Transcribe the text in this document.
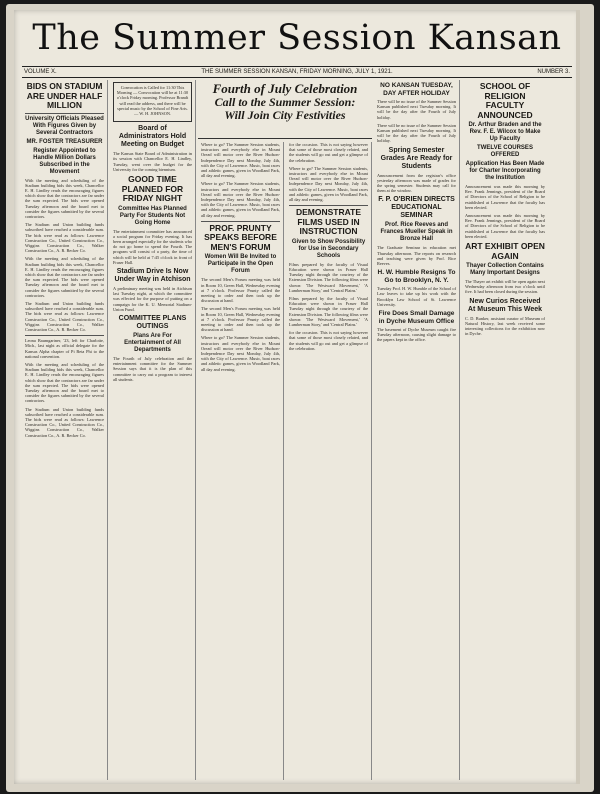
The Summer Session Kansan
VOLUME X.	THE SUMMER SESSION KANSAN, FRIDAY MORNING, JULY 1, 1921.	NUMBER 3.
BIDS ON STADIUM ARE UNDER HALF MILLION
University Officials Pleased With Figures Given by Several Contractors
MR. FOSTER TREASURER
Register Appointed to Handle Million Dollars Subscribed in the Movement

With the meeting and scheduling of the Stadium building bids this week, Chancellor E. H. Lindley reads the encouraging figures which show that the contractors are far under the sum expected. The bids were opened Tuesday afternoon and the board met to consider the figures submitted by the several contractors.

The Stadium and Union building funds subscribed have reached a considerable sum. The bids were read as follows: Lawrence Construction Co., United Construction Co., Wiggins Construction Co., Walker Construction Co., A. R. Becker Co.

With the meeting and scheduling of the Stadium building bids this week, Chancellor E. H. Lindley reads the encouraging figures which show that the contractors are far under the sum expected. The bids were opened Tuesday afternoon and the board met to consider the figures submitted by the several contractors.

The Stadium and Union building funds subscribed have reached a considerable sum. The bids were read as follows: Lawrence Construction Co., United Construction Co., Wiggins Construction Co., Walker Construction Co., A. R. Becker Co.

Leona Baumgartner, '23, left for Charlotte, Mich., last night as official delegate for the Kansas Alpha chapter of Pi Beta Phi to the national convention.

With the meeting and scheduling of the Stadium building bids this week, Chancellor E. H. Lindley reads the encouraging figures which show that the contractors are far under the sum expected. The bids were opened Tuesday afternoon and the board met to consider the figures submitted by the several contractors.

The Stadium and Union building funds subscribed have reached a considerable sum. The bids were read as follows: Lawrence Construction Co., United Construction Co., Wiggins Construction Co., Walker Construction Co., A. R. Becker Co.

Convocation is Called for 11:30 This Morning — Convocation will be at 11:30 o'clock Friday morning. Professor Brandt will read the address, and there will be special music by the School of Fine Arts. — W. H. JOHNSON.

Board of Administrators Hold Meeting on Budget

The Kansas State Board of Administration in its session with Chancellor E. H. Lindley, Tuesday, went over the budget for the University for the coming biennium.

GOOD TIME PLANNED FOR FRIDAY NIGHT
Committee Has Planned Party For Students Not Going Home

The entertainment committee has announced a social program for Friday evening. It has been arranged especially for the students who do not go home to spend the Fourth. The program will consist of a party, the time of which will be held at 7:45 o'clock in front of Fraser Hall.

Stadium Drive Is Now Under Way in Atchison

A preliminary meeting was held in Atchison last Tuesday night, at which the committee was effected for the purpose of putting on a campaign for the K. U. Memorial Stadium-Union Fund.

COMMITTEE PLANS OUTINGS
Plans Are For Entertainment of All Departments

The Fourth of July celebration and the entertainment committee for the Summer Session says that it is the plan of this committee to carry out a program to interest all students.

Fourth of July Celebration
Call to the Summer Session:
Will Join City Festivities

Where to go? The Summer Session students, instructors and everybody else in Mount Oread will motor over the River Hudson-Independence Day next Monday, July 4th, with the City of Lawrence. Music, boat races and athletic games, given in Woodland Park, all day and evening.

Where to go? The Summer Session students, instructors and everybody else in Mount Oread will motor over the River Hudson-Independence Day next Monday, July 4th, with the City of Lawrence. Music, boat races and athletic games, given in Woodland Park, all day and evening.

PROF. PRUNTY SPEAKS BEFORE MEN'S FORUM
Women Will Be Invited to Participate in the Open Forum

The second Men's Forum meeting was held in Room 10, Green Hall, Wednesday evening at 7 o'clock. Professor Prunty called the meeting to order and then took up the discussion at hand.

The second Men's Forum meeting was held in Room 10, Green Hall, Wednesday evening at 7 o'clock. Professor Prunty called the meeting to order and then took up the discussion at hand.

Where to go? The Summer Session students, instructors and everybody else in Mount Oread will motor over the River Hudson-Independence Day next Monday, July 4th, with the City of Lawrence. Music, boat races and athletic games, given in Woodland Park, all day and evening.

for the occasion. This is not saying however that some of those most closely related, and the students will go out and get a glimpse of the celebration.

Where to go? The Summer Session students, instructors and everybody else in Mount Oread will motor over the River Hudson-Independence Day next Monday, July 4th, with the City of Lawrence. Music, boat races and athletic games, given in Woodland Park, all day and evening.

DEMONSTRATE FILMS USED IN INSTRUCTION
Given to Show Possibility for Use in Secondary Schools

Films prepared by the faculty of Visual Education were shown in Fraser Hall Tuesday night through the courtesy of the Extension Division. The following films were shown: 'The Westward Movement,' 'A Lumberman Story,' and 'Central Plains.'

Films prepared by the faculty of Visual Education were shown in Fraser Hall Tuesday night through the courtesy of the Extension Division. The following films were shown: 'The Westward Movement,' 'A Lumberman Story,' and 'Central Plains.'

for the occasion. This is not saying however that some of those most closely related, and the students will go out and get a glimpse of the celebration.

NO KANSAN TUESDAY, DAY AFTER HOLIDAY

There will be no issue of the Summer Session Kansan published next Tuesday morning. It will be the day after the Fourth of July holiday.

There will be no issue of the Summer Session Kansan published next Tuesday morning. It will be the day after the Fourth of July holiday.

Spring Semester Grades Are Ready for Students

Announcement from the registrar's office yesterday afternoon was made of grades for the spring semester. Students may call for them at the window.

F. P. O'BRIEN DIRECTS EDUCATIONAL SEMINAR
Prof. Rice Reeves and Frances Mueller Speak in Bronze Hall

The Graduate Seminar in education met Thursday afternoon. The reports on research and teaching were given by Prof. Rice Reeves.

H. W. Humble Resigns To Go to Brooklyn, N. Y.

Tuesday Prof. H. W. Humble of the School of Law leaves to take up his work with the Brooklyn Law School of St. Lawrence University.

Fire Does Small Damage in Dyche Museum Office

The basement of Dyche Museum caught fire Tuesday afternoon, causing slight damage to the papers kept in the office.

SCHOOL OF RELIGION FACULTY ANNOUNCED
Dr. Arthur Braden and the Rev. F. E. Wilcox to Make Up Faculty
TWELVE COURSES OFFERED
Application Has Been Made for Charter Incorporating the Institution

Announcement was made this morning by Rev. Frank Jennings, president of the Board of Directors of the School of Religion to be established at Lawrence that the faculty has been elected.

Announcement was made this morning by Rev. Frank Jennings, president of the Board of Directors of the School of Religion to be established at Lawrence that the faculty has been elected.

ART EXHIBIT OPEN AGAIN
Thayer Collection Contains Many Important Designs

The Thayer art exhibit will be open again next Wednesday afternoon from two o'clock until five. It had been closed during the session.

New Curios Received At Museum This Week

C. D. Bunker, assistant curator of Museum of Natural History, last week received some interesting collections for the exhibition now in Dyche.
